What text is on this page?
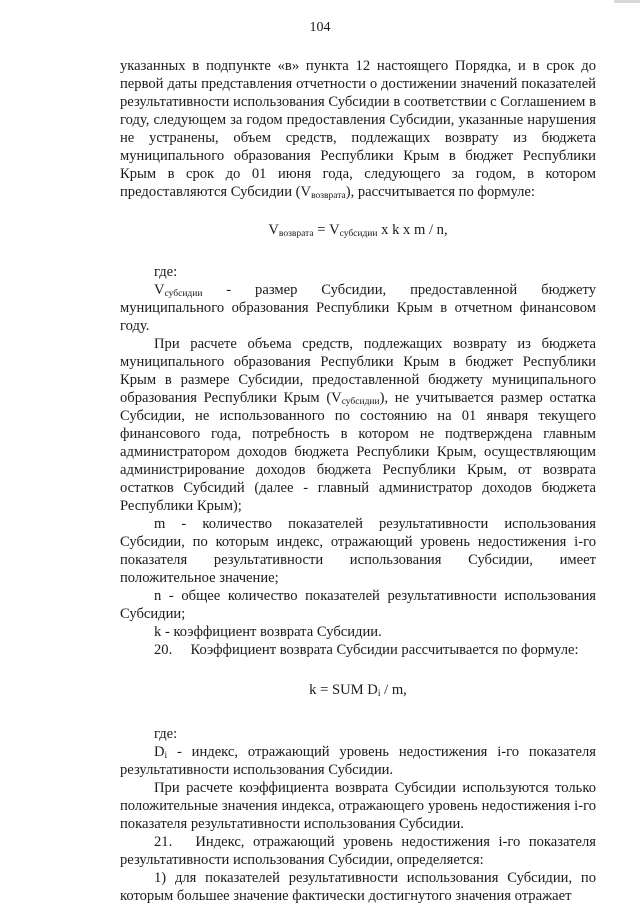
104

указанных в подпункте «в» пункта 12 настоящего Порядка, и в срок до первой даты представления отчетности о достижении значений показателей результативности использования Субсидии в соответствии с Соглашением в году, следующем за годом предоставления Субсидии, указанные нарушения не устранены, объем средств, подлежащих возврату из бюджета муниципального образования Республики Крым в бюджет Республики Крым в срок до 01 июня года, следующего за годом, в котором предоставляются Субсидии $(V_{возврата})$, рассчитывается по формуле:

$V_{возврата} = V_{субсидии}$ x k x m / n,

где:

$V_{субсидии}$ - размер Субсидии, предоставленной бюджету муниципального образования Республики Крым в отчетном финансовом году.

При расчете объема средств, подлежащих возврату из бюджета муниципального образования Республики Крым в бюджет Республики Крым в размере Субсидии, предоставленной бюджету муниципального образования Республики Крым $(V_{субсидии})$, не учитывается размер остатка Субсидии, не использованного по состоянию на 01 января текущего финансового года, потребность в котором не подтверждена главным администратором доходов бюджета Республики Крым, осуществляющим администрирование доходов бюджета Республики Крым, от возврата остатков Субсидий (далее - главный администратор доходов бюджета Республики Крым);

m - количество показателей результативности использования Субсидии, по которым индекс, отражающий уровень недостижения i-го показателя результативности использования Субсидии, имеет положительное значение;

n - общее количество показателей результативности использования Субсидии;

k - коэффициент возврата Субсидии.

20.  Коэффициент возврата Субсидии рассчитывается по формуле:

k = SUM $D_i$ / m,

где:

$D_i$ - индекс, отражающий уровень недостижения i-го показателя результативности использования Субсидии.

При расчете коэффициента возврата Субсидии используются только положительные значения индекса, отражающего уровень недостижения i-го показателя результативности использования Субсидии.

21.  Индекс, отражающий уровень недостижения i-го показателя результативности использования Субсидии, определяется:

1) для показателей результативности использования Субсидии, по которым большее значение фактически достигнутого значения отражает
